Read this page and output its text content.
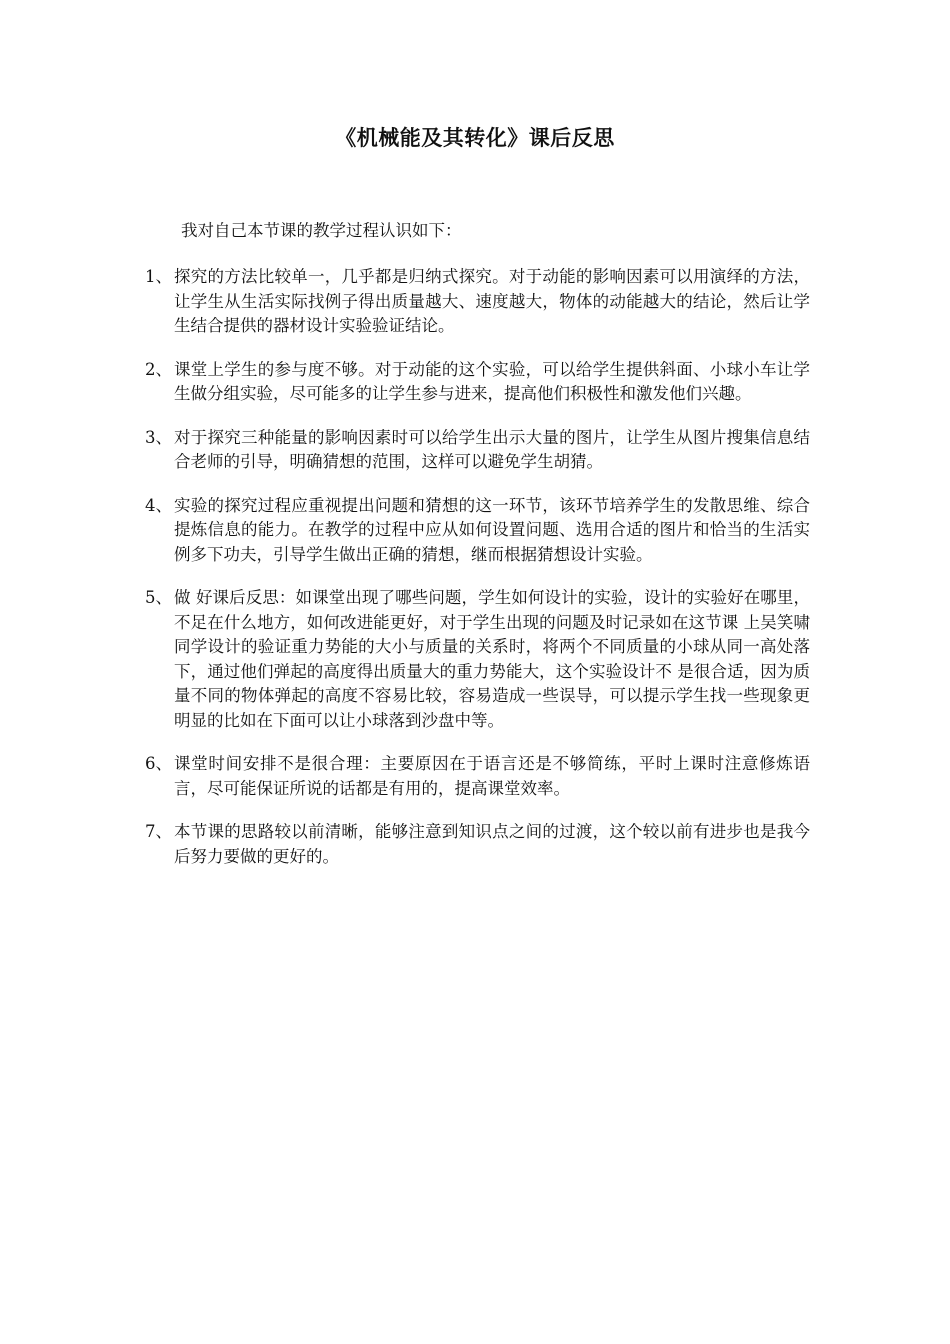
《机械能及其转化》课后反思

我对自己本节课的教学过程认识如下：

1、 探究的方法比较单一，几乎都是归纳式探究。对于动能的影响因素可以用演绎的方法，让学生从生活实际找例子得出质量越大、速度越大，物体的动能越大的结论，然后让学生结合提供的器材设计实验验证结论。
2、 课堂上学生的参与度不够。对于动能的这个实验，可以给学生提供斜面、小球小车让学生做分组实验，尽可能多的让学生参与进来，提高他们积极性和激发他们兴趣。
3、 对于探究三种能量的影响因素时可以给学生出示大量的图片，让学生从图片搜集信息结合老师的引导，明确猜想的范围，这样可以避免学生胡猜。
4、 实验的探究过程应重视提出问题和猜想的这一环节，该环节培养学生的发散思维、综合提炼信息的能力。在教学的过程中应从如何设置问题、选用合适的图片和恰当的生活实例多下功夫，引导学生做出正确的猜想，继而根据猜想设计实验。
5、 做 好课后反思：如课堂出现了哪些问题，学生如何设计的实验，设计的实验好在哪里，不足在什么地方，如何改进能更好，对于学生出现的问题及时记录如在这节课 上吴笑啸同学设计的验证重力势能的大小与质量的关系时，将两个不同质量的小球从同一高处落下，通过他们弹起的高度得出质量大的重力势能大，这个实验设计不 是很合适，因为质量不同的物体弹起的高度不容易比较，容易造成一些误导，可以提示学生找一些现象更明显的比如在下面可以让小球落到沙盘中等。
6、 课堂时间安排不是很合理：主要原因在于语言还是不够简练，平时上课时注意修炼语言，尽可能保证所说的话都是有用的，提高课堂效率。
7、 本节课的思路较以前清晰，能够注意到知识点之间的过渡，这个较以前有进步也是我今后努力要做的更好的。
